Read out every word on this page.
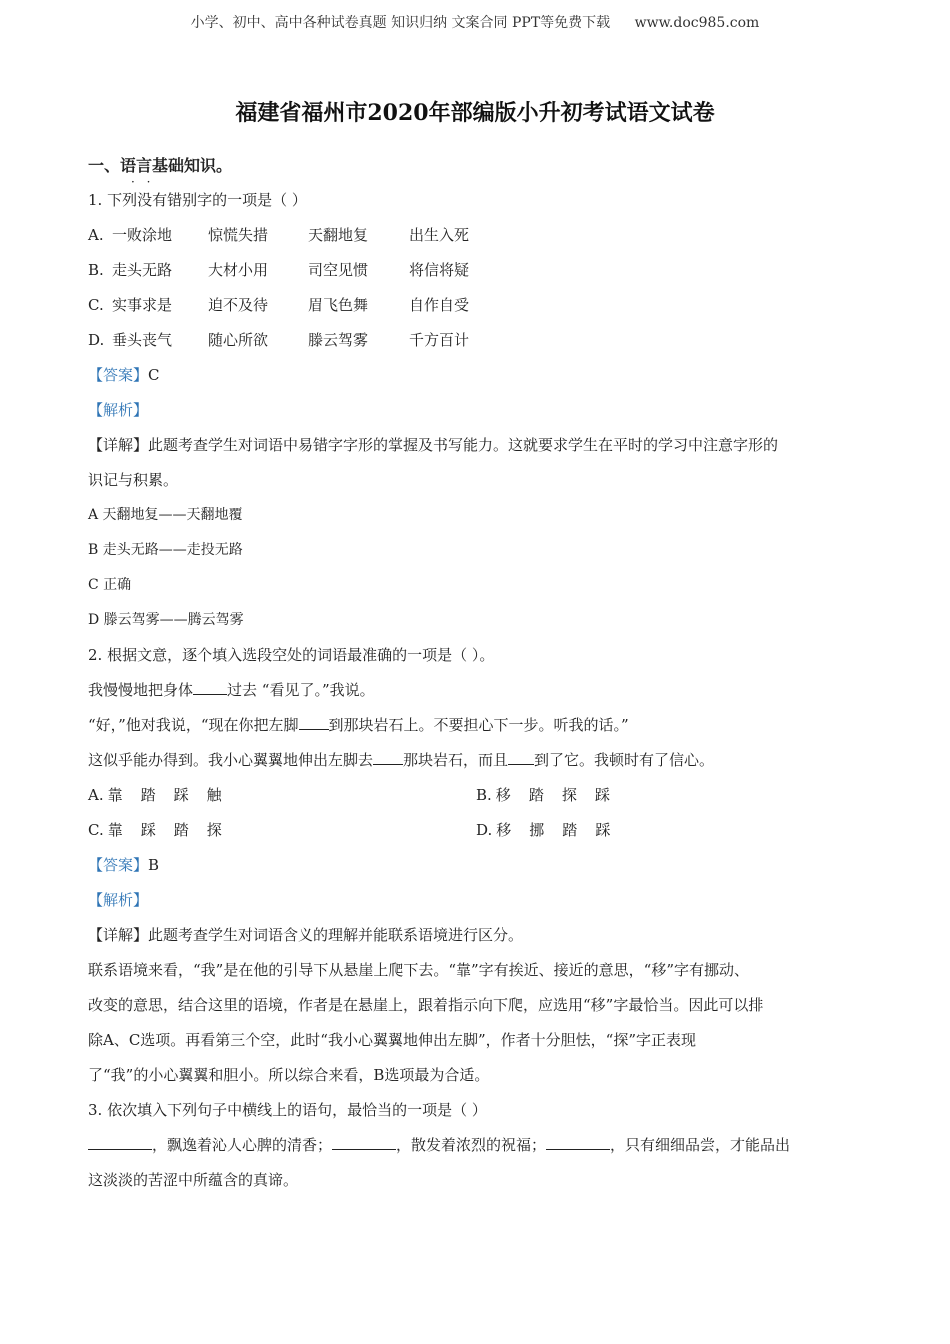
小学、初中、高中各种试卷真题 知识归纳 文案合同 PPT等免费下载 www.doc985.com
福建省福州市2020年部编版小升初考试语文试卷
一、语言基础知识。
1. 下列没有错别字的一项是（ ） · ·
A. 一败涂地 惊慌失措	天翻地复	出生入死
B. 走头无路 大材小用	司空见惯	将信将疑
C. 实事求是 迫不及待	眉飞色舞	自作自受
D. 垂头丧气 随心所欲	滕云驾雾	千方百计
【答案】C
【解析】
【详解】此题考查学生对词语中易错字字形的掌握及书写能力。这就要求学生在平时的学习中注意字形的
识记与积累。
A 天翻地复——天翻地覆
B 走头无路——走投无路
C 正确
D 滕云驾雾——腾云驾雾
2. 根据文意，逐个填入选段空处的词语最准确的一项是（ ）。
我慢慢地把身体 过去 “看见了。”我说。
“好，”他对我说，“现在你把左脚 到那块岩石上。不要担心下一步。听我的话。”
这似乎能办得到。我小心翼翼地伸出左脚去 那块岩石，而且 到了它。我顿时有了信心。
A. 靠 踏 踩 触	B. 移 踏 探 踩
C. 靠 踩 踏 探	D. 移 挪 踏 踩
【答案】B
【解析】
【详解】此题考查学生对词语含义的理解并能联系语境进行区分。
联系语境来看，“我”是在他的引导下从悬崖上爬下去。“靠”字有挨近、接近的意思，“移”字有挪动、
改变的意思，结合这里的语境，作者是在悬崖上，跟着指示向下爬，应选用“移”字最恰当。因此可以排
除A、C选项。再看第三个空，此时“我小心翼翼地伸出左脚”，作者十分胆怯，“探”字正表现
了“我”的小心翼翼和胆小。所以综合来看，B选项最为合适。
3. 依次填入下列句子中横线上的语句，最恰当的一项是（ ）
，飘逸着沁人心脾的清香；	，散发着浓烈的祝福；	，只有细细品尝，才能品出
这淡淡的苦涩中所蕴含的真谛。
